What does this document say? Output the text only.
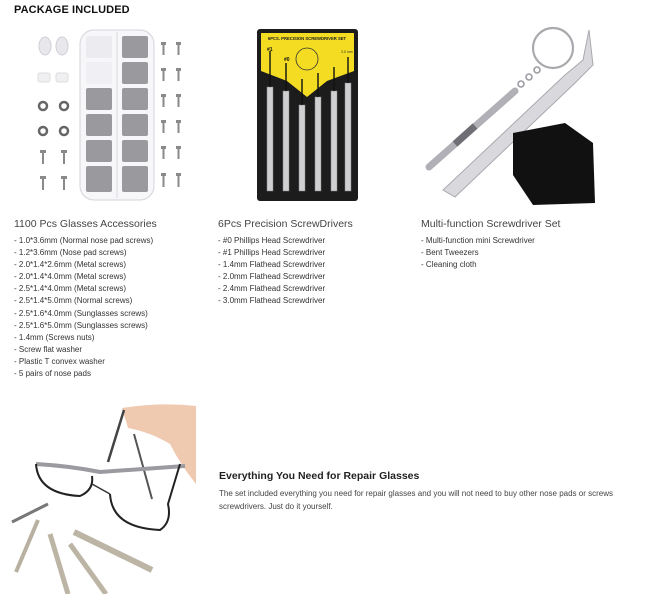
PACKAGE INCLUDED
6PCS. PRECISION SCREWDRIVER SET
#1
#0
3.0 mm
1100 Pcs Glasses Accessories
- 1.0*3.6mm (Normal nose pad screws)
- 1.2*3.6mm (Nose pad screws)
- 2.0*1.4*2.6mm (Metal screws)
- 2.0*1.4*4.0mm (Metal screws)
- 2.5*1.4*4.0mm (Metal screws)
- 2.5*1.4*5.0mm (Normal screws)
- 2.5*1.6*4.0mm (Sunglasses screws)
- 2.5*1.6*5.0mm (Sunglasses screws)
- 1.4mm (Screws nuts)
- Screw flat washer
- Plastic T convex washer
- 5 pairs of nose pads
6Pcs Precision ScrewDrivers
- #0 Phillips Head Screwdriver
- #1 Phillips Head Screwdriver
- 1.4mm Flathead Screwdriver
- 2.0mm Flathead Screwdriver
- 2.4mm Flathead Screwdriver
- 3.0mm Flathead Screwdriver
Multi-function Screwdriver Set
- Multi-function mini Screwdriver
- Bent Tweezers
- Cleaning cloth
Everything You Need for Repair Glasses
The set included everything you need for repair glasses and you will not need to buy other nose pads or screws screwdrivers. Just do it yourself.
